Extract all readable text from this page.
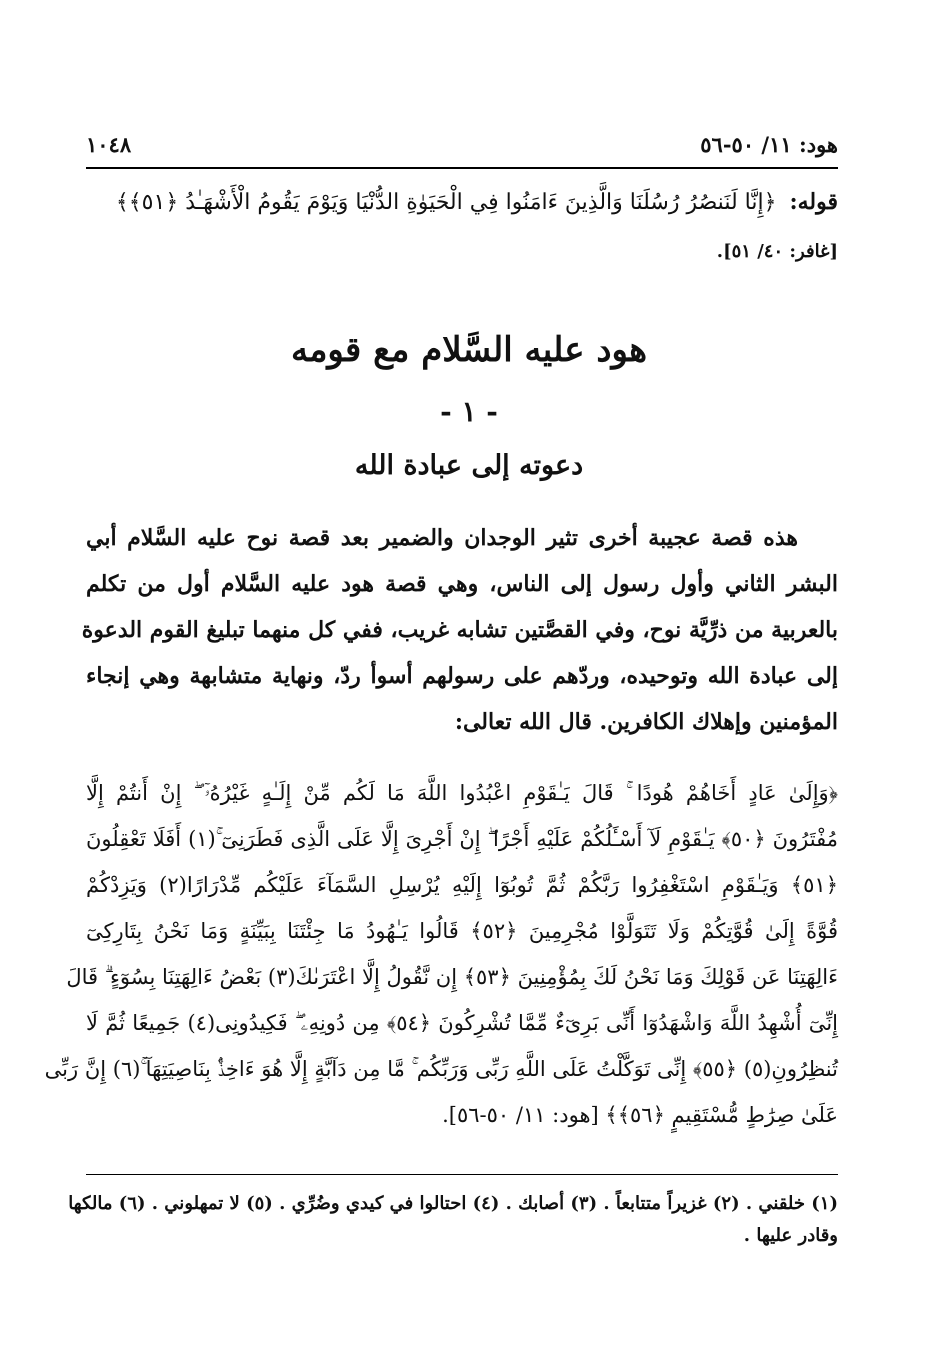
١٠٤٨	هود: ١١/ ٥٠-٥٦
قوله: ﴿إِنَّا لَنَنصُرُ رُسُلَنَا وَالَّذِينَ ءَامَنُوا فِي الْحَيَوٰةِ الدُّنْيَا وَيَوْمَ يَقُومُ الْأَشْهَـٰدُ ﴿٥١﴾﴾
[غافر: ٤٠/ ٥١].
هود عليه السَّلام مع قومه
- ١ -
دعوته إلى عبادة الله
هذه قصة عجيبة أخرى تثير الوجدان والضمير بعد قصة نوح عليه السَّلام أبي
البشر الثاني وأول رسول إلى الناس، وهي قصة هود عليه السَّلام أول من تكلم
بالعربية من ذرِّيَّة نوح، وفي القصَّتين تشابه غريب، ففي كل منهما تبليغ القوم الدعوة
إلى عبادة الله وتوحيده، وردّهم على رسولهم أسوأ ردّ، ونهاية متشابهة وهي إنجاء
المؤمنين وإهلاك الكافرين. قال الله تعالى:
﴿وَإِلَىٰ عَادٍ أَخَاهُمْ هُودًا ۚ قَالَ يَـٰقَوْمِ اعْبُدُوا اللَّهَ مَا لَكُم مِّنْ إِلَـٰهٍ غَيْرُهُۥٓ ۖ إِنْ أَنتُمْ إِلَّا
مُفْتَرُونَ ﴿٥٠﴾ يَـٰقَوْمِ لَآ أَسْـَٔلُكُمْ عَلَيْهِ أَجْرًا ۖ إِنْ أَجْرِىَ إِلَّا عَلَى الَّذِى فَطَرَنِىٓ ۚ(١) أَفَلَا تَعْقِلُونَ
﴿٥١﴾ وَيَـٰقَوْمِ اسْتَغْفِرُوا رَبَّكُمْ ثُمَّ تُوبُوٓا إِلَيْهِ يُرْسِلِ السَّمَآءَ عَلَيْكُم مِّدْرَارًا(٢) وَيَزِدْكُمْ
قُوَّةً إِلَىٰ قُوَّتِكُمْ وَلَا تَتَوَلَّوْا مُجْرِمِينَ ﴿٥٢﴾ قَالُوا يَـٰهُودُ مَا جِئْتَنَا بِبَيِّنَةٍ وَمَا نَحْنُ بِتَارِكِىٓ
ءَالِهَتِنَا عَن قَوْلِكَ وَمَا نَحْنُ لَكَ بِمُؤْمِنِينَ ﴿٥٣﴾ إِن نَّقُولُ إِلَّا اعْتَرَىٰكَ(٣) بَعْضُ ءَالِهَتِنَا بِسُوٓءٍ ۗ قَالَ
إِنِّىٓ أُشْهِدُ اللَّهَ وَاشْهَدُوٓا أَنِّى بَرِىٓءٌ مِّمَّا تُشْرِكُونَ ﴿٥٤﴾ مِن دُونِهِۦ ۖ فَكِيدُونِى(٤) جَمِيعًا ثُمَّ لَا
تُنظِرُونِ(٥) ﴿٥٥﴾ إِنِّى تَوَكَّلْتُ عَلَى اللَّهِ رَبِّى وَرَبِّكُم ۚ مَّا مِن دَآبَّةٍ إِلَّا هُوَ ءَاخِذٌۢ بِنَاصِيَتِهَآ ۚ(٦) إِنَّ رَبِّى
عَلَىٰ صِرَٰطٍ مُّسْتَقِيمٍ ﴿٥٦﴾﴾ [هود: ١١/ ٥٠-٥٦].
(١) خلقني . (٢) غزيراً متتابعاً . (٣) أصابك . (٤) احتالوا في كيدي وضُرِّي . (٥) لا تمهلوني . (٦) مالكها
وقادر عليها .
